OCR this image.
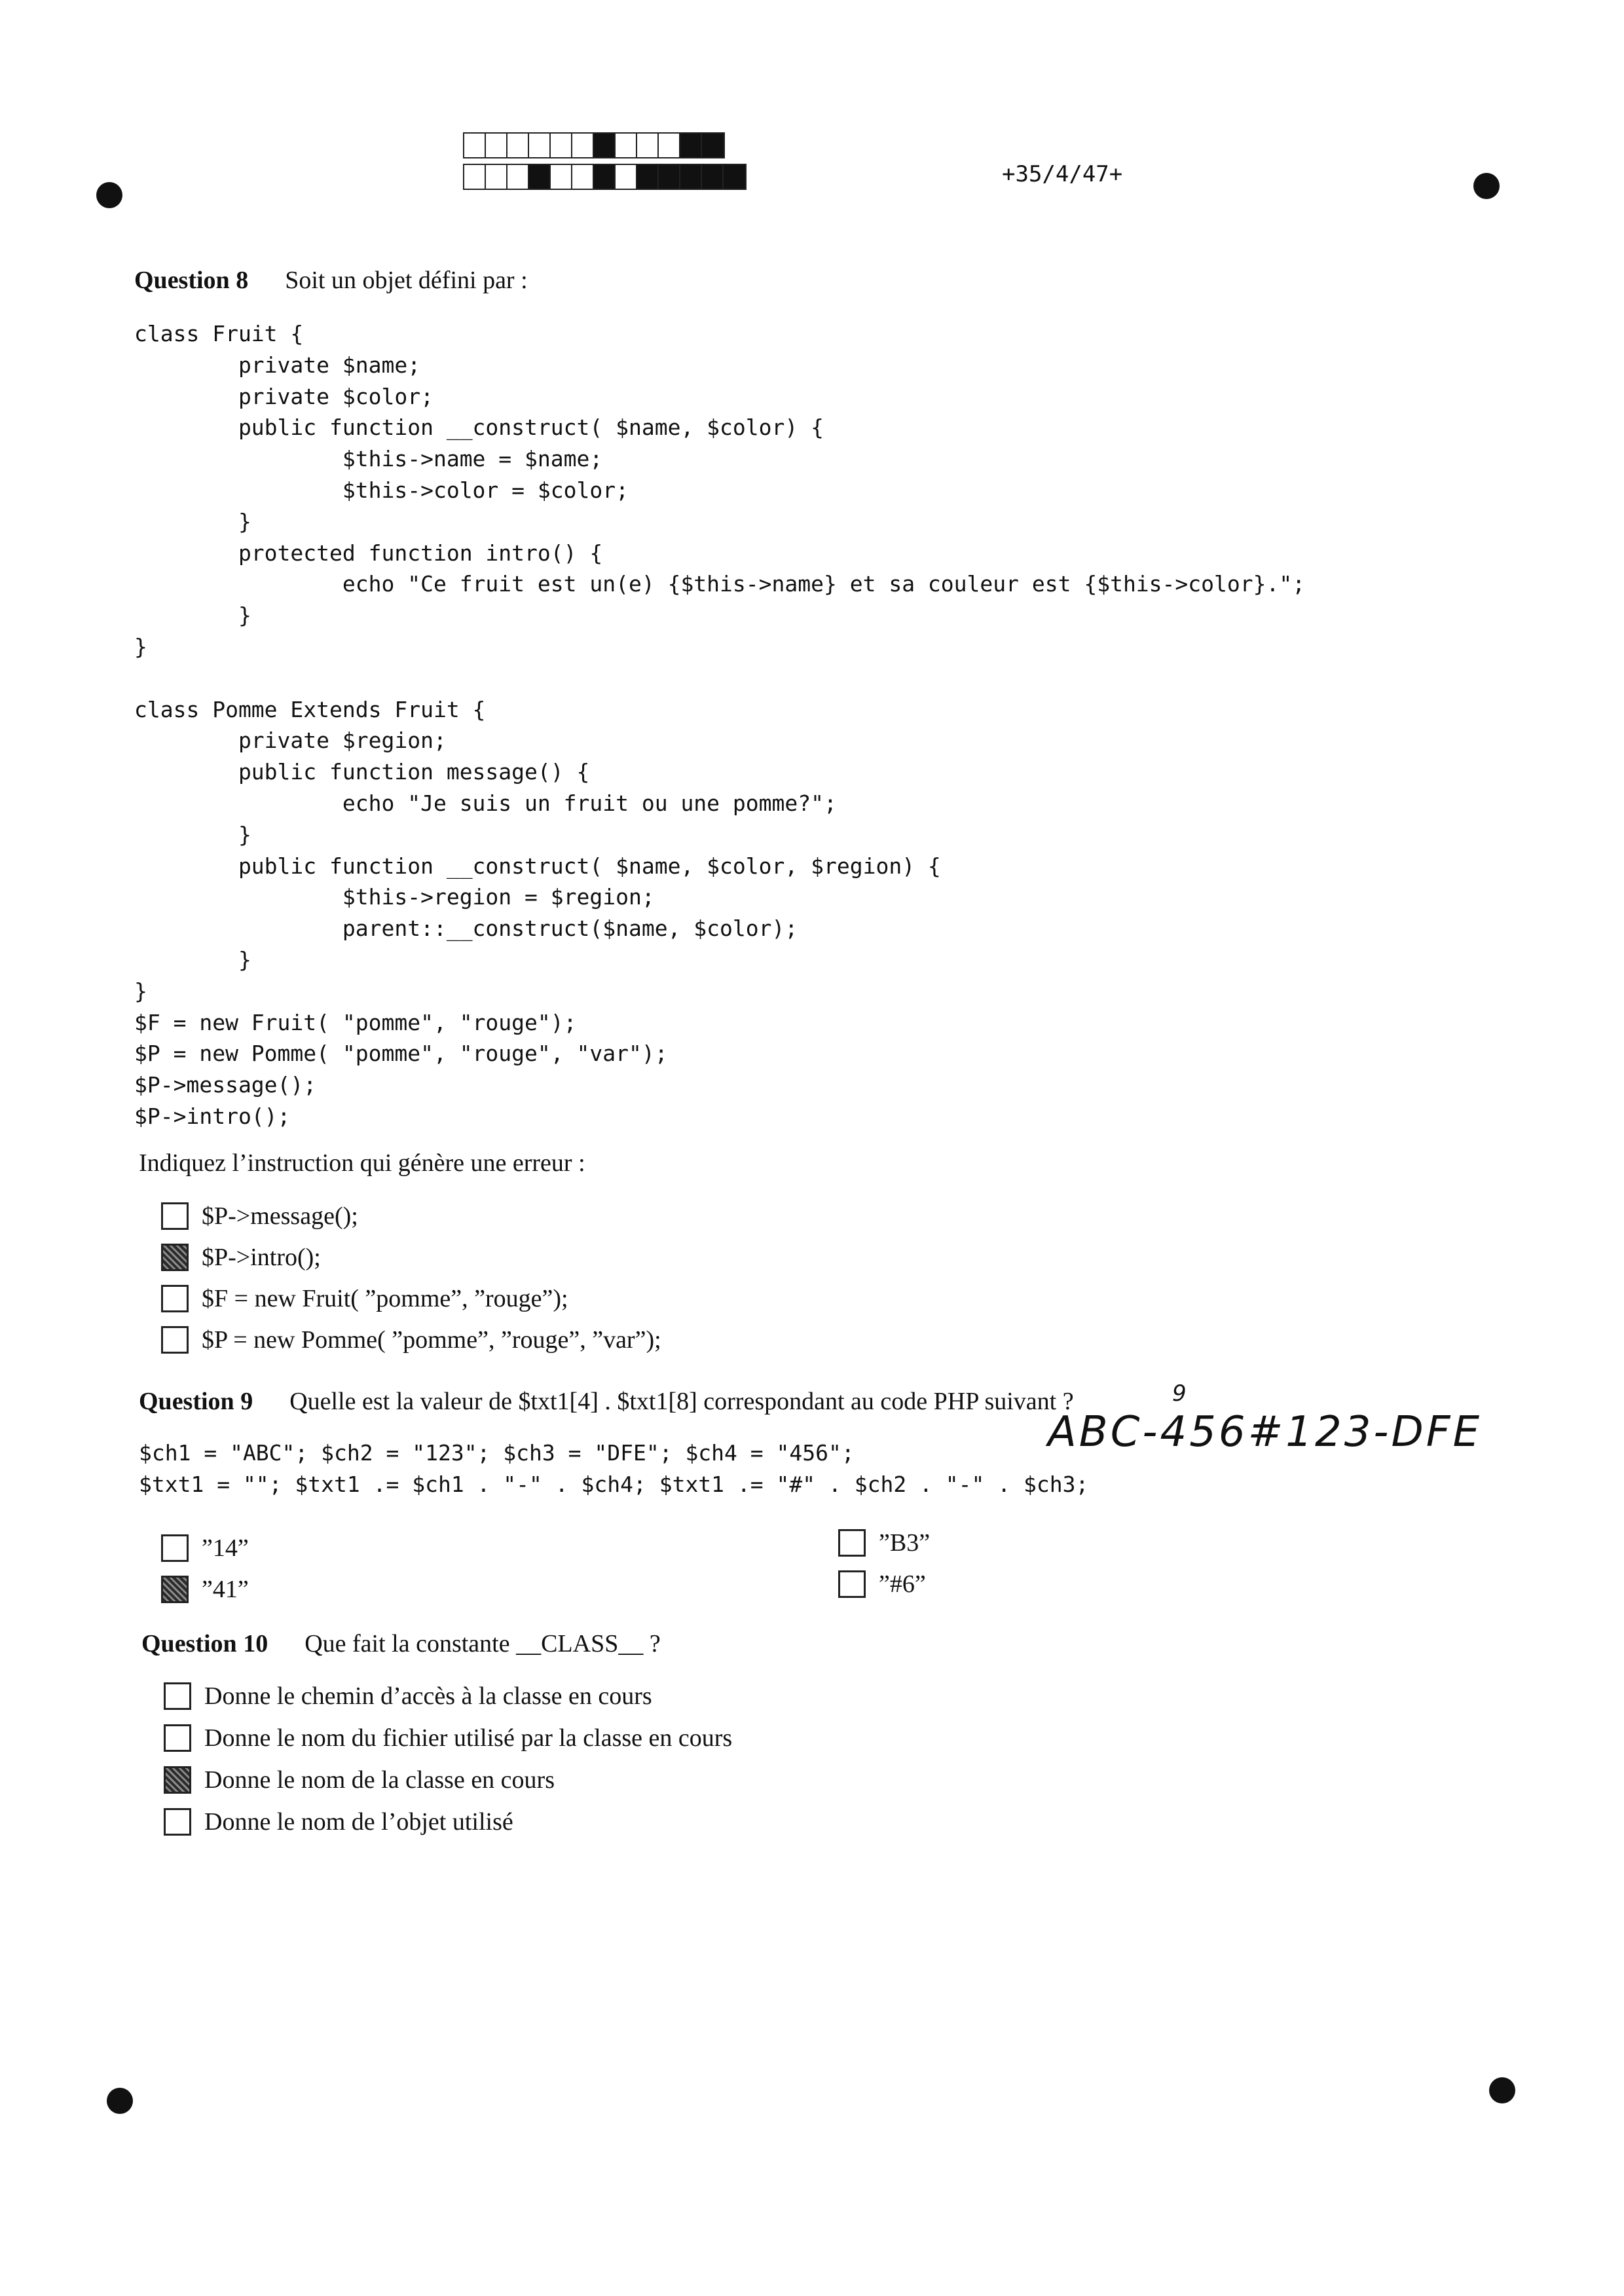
+35/4/47+
Question 8 Soit un objet défini par :
class Fruit {
private $name;
private $color;
public function __construct( $name, $color) {
$this->name = $name;
$this->color = $color;
}
protected function intro() {
echo "Ce fruit est un(e) {$this->name} et sa couleur est {$this->color}.";
}
}

class Pomme Extends Fruit {
private $region;
public function message() {
echo "Je suis un fruit ou une pomme?";
}
public function __construct( $name, $color, $region) {
$this->region = $region;
parent::__construct($name, $color);
}
}
$F = new Fruit( "pomme", "rouge");
$P = new Pomme( "pomme", "rouge", "var");
$P->message();
$P->intro();
Indiquez l’instruction qui génère une erreur :
$P->message();
$P->intro();
$F = new Fruit( ”pomme”, ”rouge”);
$P = new Pomme( ”pomme”, ”rouge”, ”var”);
Question 9 Quelle est la valeur de $txt1[4] . $txt1[8] correspondant au code PHP suivant ?	9
ABC-456#123-DFE
$ch1 = "ABC"; $ch2 = "123"; $ch3 = "DFE"; $ch4 = "456";
$txt1 = ""; $txt1 .= $ch1 . "-" . $ch4; $txt1 .= "#" . $ch2 . "-" . $ch3;
”14”
”41”
”B3”
”#6”
Question 10 Que fait la constante __CLASS__ ?
Donne le chemin d’accès à la classe en cours
Donne le nom du fichier utilisé par la classe en cours
Donne le nom de la classe en cours
Donne le nom de l’objet utilisé
